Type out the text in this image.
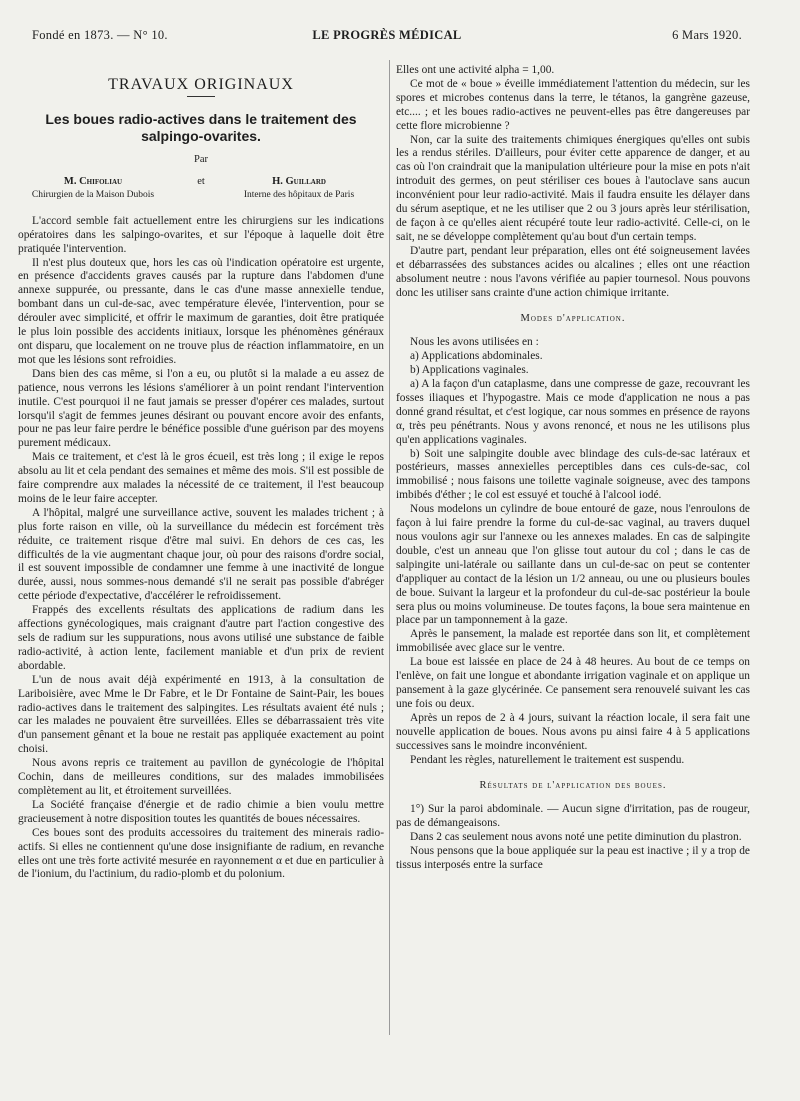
Fondé en 1873. — N° 10.	LE PROGRÈS MÉDICAL	6 Mars 1920.
TRAVAUX ORIGINAUX
Les boues radio-actives dans le traitement des salpingo-ovarites.
Par
M. Chifoliau
Chirurgien de la Maison Dubois
et	H. Guillard
Interne des hôpitaux de Paris

L'accord semble fait actuellement entre les chirurgiens sur les indications opératoires dans les salpingo-ovarites, et sur l'époque à laquelle doit être pratiquée l'intervention.

Il n'est plus douteux que, hors les cas où l'indication opératoire est urgente, en présence d'accidents graves causés par la rupture dans l'abdomen d'une annexe suppurée, ou pressante, dans le cas d'une masse annexielle tendue, bombant dans un cul-de-sac, avec température élevée, l'intervention, pour se dérouler avec simplicité, et offrir le maximum de garanties, doit être pratiquée le plus loin possible des accidents initiaux, lorsque les phénomènes généraux ont disparu, que localement on ne trouve plus de réaction inflammatoire, en un mot que les lésions sont refroidies.

Dans bien des cas même, si l'on a eu, ou plutôt si la malade a eu assez de patience, nous verrons les lésions s'améliorer à un point rendant l'intervention inutile. C'est pourquoi il ne faut jamais se presser d'opérer ces malades, surtout lorsqu'il s'agit de femmes jeunes désirant ou pouvant encore avoir des enfants, pour ne pas leur faire perdre le bénéfice possible d'une guérison par des moyens purement médicaux.

Mais ce traitement, et c'est là le gros écueil, est très long ; il exige le repos absolu au lit et cela pendant des semaines et même des mois. S'il est possible de faire comprendre aux malades la nécessité de ce traitement, il l'est beaucoup moins de le leur faire accepter.

A l'hôpital, malgré une surveillance active, souvent les malades trichent ; à plus forte raison en ville, où la surveillance du médecin est forcément très réduite, ce traitement risque d'être mal suivi. En dehors de ces cas, les difficultés de la vie augmentant chaque jour, où pour des raisons d'ordre social, il est souvent impossible de condamner une femme à une inactivité de longue durée, aussi, nous sommes-nous demandé s'il ne serait pas possible d'abréger cette période d'expectative, d'accélérer le refroidissement.

Frappés des excellents résultats des applications de radium dans les affections gynécologiques, mais craignant d'autre part l'action congestive des sels de radium sur les suppurations, nous avons utilisé une substance de faible radio-activité, à action lente, facilement maniable et d'un prix de revient abordable.

L'un de nous avait déjà expérimenté en 1913, à la consultation de Lariboisière, avec Mme le Dr Fabre, et le Dr Fontaine de Saint-Pair, les boues radio-actives dans le traitement des salpingites. Les résultats avaient été nuls ; car les malades ne pouvaient être surveillées. Elles se débarrassaient très vite d'un pansement gênant et la boue ne restait pas appliquée exactement au point choisi.

Nous avons repris ce traitement au pavillon de gynécologie de l'hôpital Cochin, dans de meilleures conditions, sur des malades immobilisées complètement au lit, et étroitement surveillées.

La Société française d'énergie et de radio chimie a bien voulu mettre gracieusement à notre disposition toutes les quantités de boues nécessaires.

Ces boues sont des produits accessoires du traitement des minerais radio-actifs. Si elles ne contiennent qu'une dose insignifiante de radium, en revanche elles ont une très forte activité mesurée en rayonnement α et due en particulier à de l'ionium, du l'actinium, du radio-plomb et du polonium.

Elles ont une activité alpha = 1,00.

Ce mot de « boue » éveille immédiatement l'attention du médecin, sur les spores et microbes contenus dans la terre, le tétanos, la gangrène gazeuse, etc.... ; et les boues radio-actives ne peuvent-elles pas être dangereuses par cette flore microbienne ?

Non, car la suite des traitements chimiques énergiques qu'elles ont subis les a rendus stériles. D'ailleurs, pour éviter cette apparence de danger, et au cas où l'on craindrait que la manipulation ultérieure pour la mise en pots n'ait introduit des germes, on peut stériliser ces boues à l'autoclave sans aucun inconvénient pour leur radio-activité. Mais il faudra ensuite les délayer dans du sérum aseptique, et ne les utiliser que 2 ou 3 jours après leur stérilisation, de façon à ce qu'elles aient récupéré toute leur radio-activité. Celle-ci, on le sait, ne se développe complètement qu'au bout d'un certain temps.

D'autre part, pendant leur préparation, elles ont été soigneusement lavées et débarrassées des substances acides ou alcalines ; elles ont une réaction absolument neutre : nous l'avons vérifiée au papier tournesol. Nous pouvons donc les utiliser sans crainte d'une action chimique irritante.

Modes d'application.

Nous les avons utilisées en :

a) Applications abdominales.

b) Applications vaginales.

a) A la façon d'un cataplasme, dans une compresse de gaze, recouvrant les fosses iliaques et l'hypogastre. Mais ce mode d'application ne nous a pas donné grand résultat, et c'est logique, car nous sommes en présence de rayons α, très peu pénétrants. Nous y avons renoncé, et nous ne les utilisons plus qu'en applications vaginales.

b) Soit une salpingite double avec blindage des culs-de-sac latéraux et postérieurs, masses annexielles perceptibles dans ces culs-de-sac, col immobilisé ; nous faisons une toilette vaginale soigneuse, avec des tampons imbibés d'éther ; le col est essuyé et touché à l'alcool iodé.

Nous modelons un cylindre de boue entouré de gaze, nous l'enroulons de façon à lui faire prendre la forme du cul-de-sac vaginal, au travers duquel nous voulons agir sur l'annexe ou les annexes malades. En cas de salpingite double, c'est un anneau que l'on glisse tout autour du col ; dans le cas de salpingite uni-latérale ou saillante dans un cul-de-sac on peut se contenter d'appliquer au contact de la lésion un 1/2 anneau, ou une ou plusieurs boules de boue. Suivant la largeur et la profondeur du cul-de-sac postérieur la boule sera plus ou moins volumineuse. De toutes façons, la boue sera maintenue en place par un tamponnement à la gaze.

Après le pansement, la malade est reportée dans son lit, et complètement immobilisée avec glace sur le ventre.

La boue est laissée en place de 24 à 48 heures. Au bout de ce temps on l'enlève, on fait une longue et abondante irrigation vaginale et on applique un pansement à la gaze glycérinée. Ce pansement sera renouvelé suivant les cas une fois ou deux.

Après un repos de 2 à 4 jours, suivant la réaction locale, il sera fait une nouvelle application de boues. Nous avons pu ainsi faire 4 à 5 applications successives sans le moindre inconvénient.

Pendant les règles, naturellement le traitement est suspendu.

Résultats de l'application des boues.

1°) Sur la paroi abdominale. — Aucun signe d'irritation, pas de rougeur, pas de démangeaisons.

Dans 2 cas seulement nous avons noté une petite diminution du plastron.

Nous pensons que la boue appliquée sur la peau est inactive ; il y a trop de tissus interposés entre la surface
